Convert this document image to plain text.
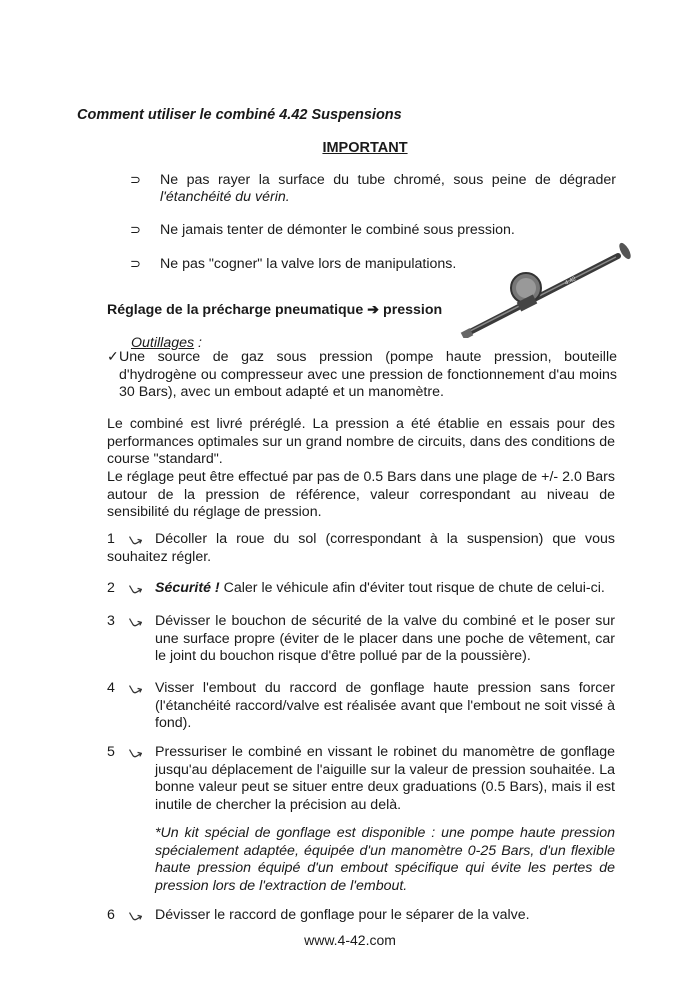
Comment utiliser le combiné 4.42 Suspensions
IMPORTANT
⊃ Ne pas rayer la surface du tube chromé, sous peine de dégrader l'étanchéité du vérin.
⊃ Ne jamais tenter de démonter le combiné sous pression.
⊃ Ne pas "cogner" la valve lors de manipulations.
4.42
Réglage de la précharge pneumatique ➔ pression
Outillages :
✓ Une source de gaz sous pression (pompe haute pression, bouteille d'hydrogène ou compresseur avec une pression de fonctionnement d'au moins 30 Bars), avec un embout adapté et un manomètre.
Le combiné est livré préréglé. La pression a été établie en essais pour des performances optimales sur un grand nombre de circuits, dans des conditions de course "standard".
Le réglage peut être effectué par pas de 0.5 Bars dans une plage de +/- 2.0 Bars autour de la pression de référence, valeur correspondant au niveau de sensibilité du réglage de pression.
1	Décoller la roue du sol (correspondant à la suspension) que vous souhaitez régler.
2	Sécurité ! Caler le véhicule afin d'éviter tout risque de chute de celui-ci.
3	Dévisser le bouchon de sécurité de la valve du combiné et le poser sur une surface propre (éviter de le placer dans une poche de vêtement, car le joint du bouchon risque d'être pollué par de la poussière).
4	Visser l'embout du raccord de gonflage haute pression sans forcer (l'étanchéité raccord/valve est réalisée avant que l'embout ne soit vissé à fond).
5	Pressuriser le combiné en vissant le robinet du manomètre de gonflage jusqu'au déplacement de l'aiguille sur la valeur de pression souhaitée. La bonne valeur peut se situer entre deux graduations (0.5 Bars), mais il est inutile de chercher la précision au delà.
*Un kit spécial de gonflage est disponible : une pompe haute pression spécialement adaptée, équipée d'un manomètre 0-25 Bars, d'un flexible haute pression équipé d'un embout spécifique qui évite les pertes de pression lors de l'extraction de l'embout.
6	Dévisser le raccord de gonflage pour le séparer de la valve.
www.4-42.com
